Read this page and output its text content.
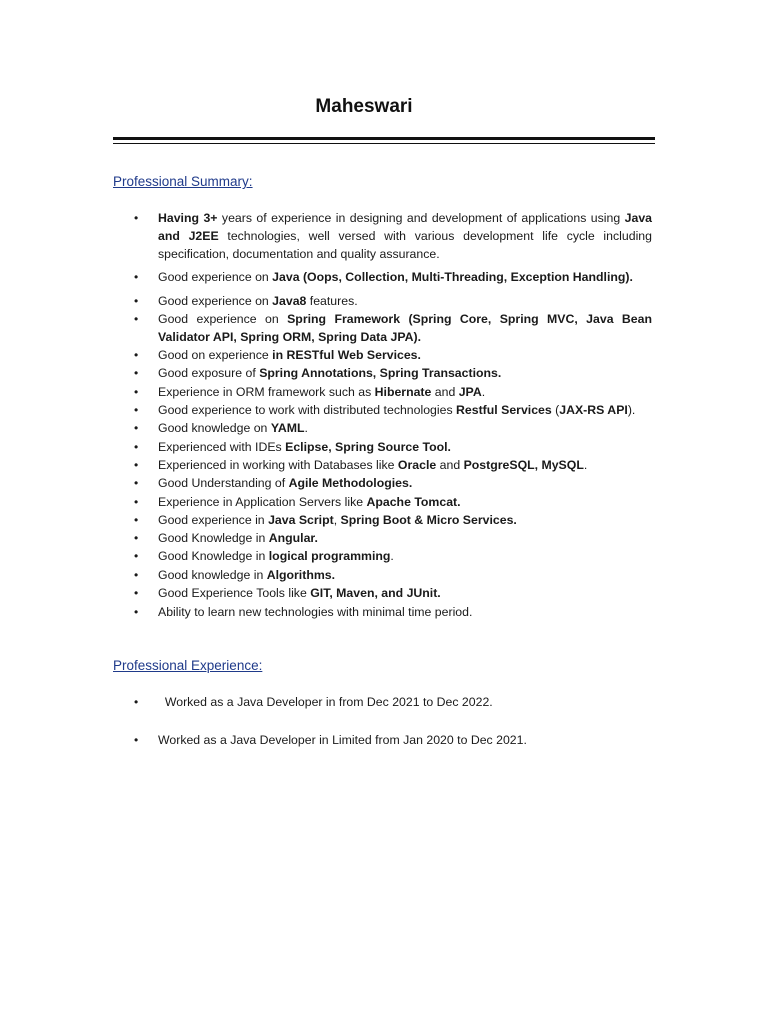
Maheswari
Professional Summary:
• Having 3+ years of experience in designing and development of applications using Java and J2EE technologies, well versed with various development life cycle including specification, documentation and quality assurance.
• Good experience on Java (Oops, Collection, Multi-Threading, Exception Handling).
• Good experience on Java8 features.
• Good experience on Spring Framework (Spring Core, Spring MVC, Java Bean Validator API, Spring ORM, Spring Data JPA).
• Good on experience in RESTful Web Services.
• Good exposure of Spring Annotations, Spring Transactions.
• Experience in ORM framework such as Hibernate and JPA.
• Good experience to work with distributed technologies Restful Services (JAX-RS API).
• Good knowledge on YAML.
• Experienced with IDEs Eclipse, Spring Source Tool.
• Experienced in working with Databases like Oracle and PostgreSQL, MySQL.
• Good Understanding of Agile Methodologies.
• Experience in Application Servers like Apache Tomcat.
• Good experience in Java Script, Spring Boot & Micro Services.
• Good Knowledge in Angular.
• Good Knowledge in logical programming.
• Good knowledge in Algorithms.
• Good Experience Tools like GIT, Maven, and JUnit.
• Ability to learn new technologies with minimal time period.
Professional Experience:
• Worked as a Java Developer in from Dec 2021 to Dec 2022.
• Worked as a Java Developer in Limited from Jan 2020 to Dec 2021.
